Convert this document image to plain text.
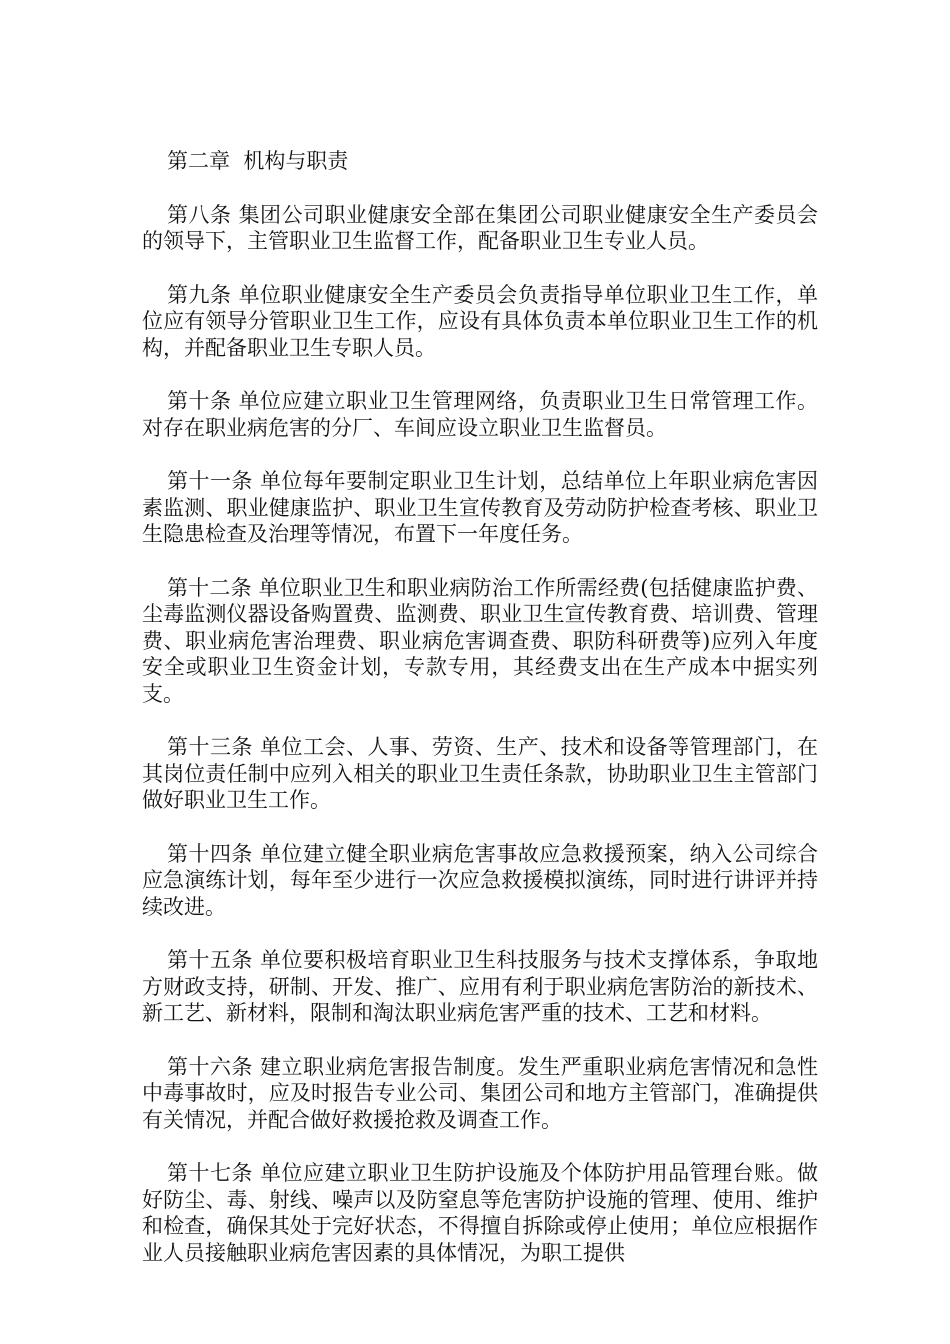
第二章  机构与职责

第八条 集团公司职业健康安全部在集团公司职业健康安全生产委员会的领导下，主管职业卫生监督工作，配备职业卫生专业人员。

第九条 单位职业健康安全生产委员会负责指导单位职业卫生工作，单位应有领导分管职业卫生工作，应设有具体负责本单位职业卫生工作的机构，并配备职业卫生专职人员。

第十条 单位应建立职业卫生管理网络，负责职业卫生日常管理工作。对存在职业病危害的分厂、车间应设立职业卫生监督员。

第十一条 单位每年要制定职业卫生计划，总结单位上年职业病危害因素监测、职业健康监护、职业卫生宣传教育及劳动防护检查考核、职业卫生隐患检查及治理等情况，布置下一年度任务。

第十二条 单位职业卫生和职业病防治工作所需经费(包括健康监护费、尘毒监测仪器设备购置费、监测费、职业卫生宣传教育费、培训费、管理费、职业病危害治理费、职业病危害调查费、职防科研费等)应列入年度安全或职业卫生资金计划，专款专用，其经费支出在生产成本中据实列支。

第十三条 单位工会、人事、劳资、生产、技术和设备等管理部门，在其岗位责任制中应列入相关的职业卫生责任条款，协助职业卫生主管部门做好职业卫生工作。

第十四条 单位建立健全职业病危害事故应急救援预案，纳入公司综合应急演练计划，每年至少进行一次应急救援模拟演练，同时进行讲评并持续改进。

第十五条 单位要积极培育职业卫生科技服务与技术支撑体系，争取地方财政支持，研制、开发、推广、应用有利于职业病危害防治的新技术、新工艺、新材料，限制和淘汰职业病危害严重的技术、工艺和材料。

第十六条 建立职业病危害报告制度。发生严重职业病危害情况和急性中毒事故时，应及时报告专业公司、集团公司和地方主管部门，准确提供有关情况，并配合做好救援抢救及调查工作。

第十七条 单位应建立职业卫生防护设施及个体防护用品管理台账。做好防尘、毒、射线、噪声以及防窒息等危害防护设施的管理、使用、维护和检查，确保其处于完好状态，不得擅自拆除或停止使用；单位应根据作业人员接触职业病危害因素的具体情况，为职工提供
